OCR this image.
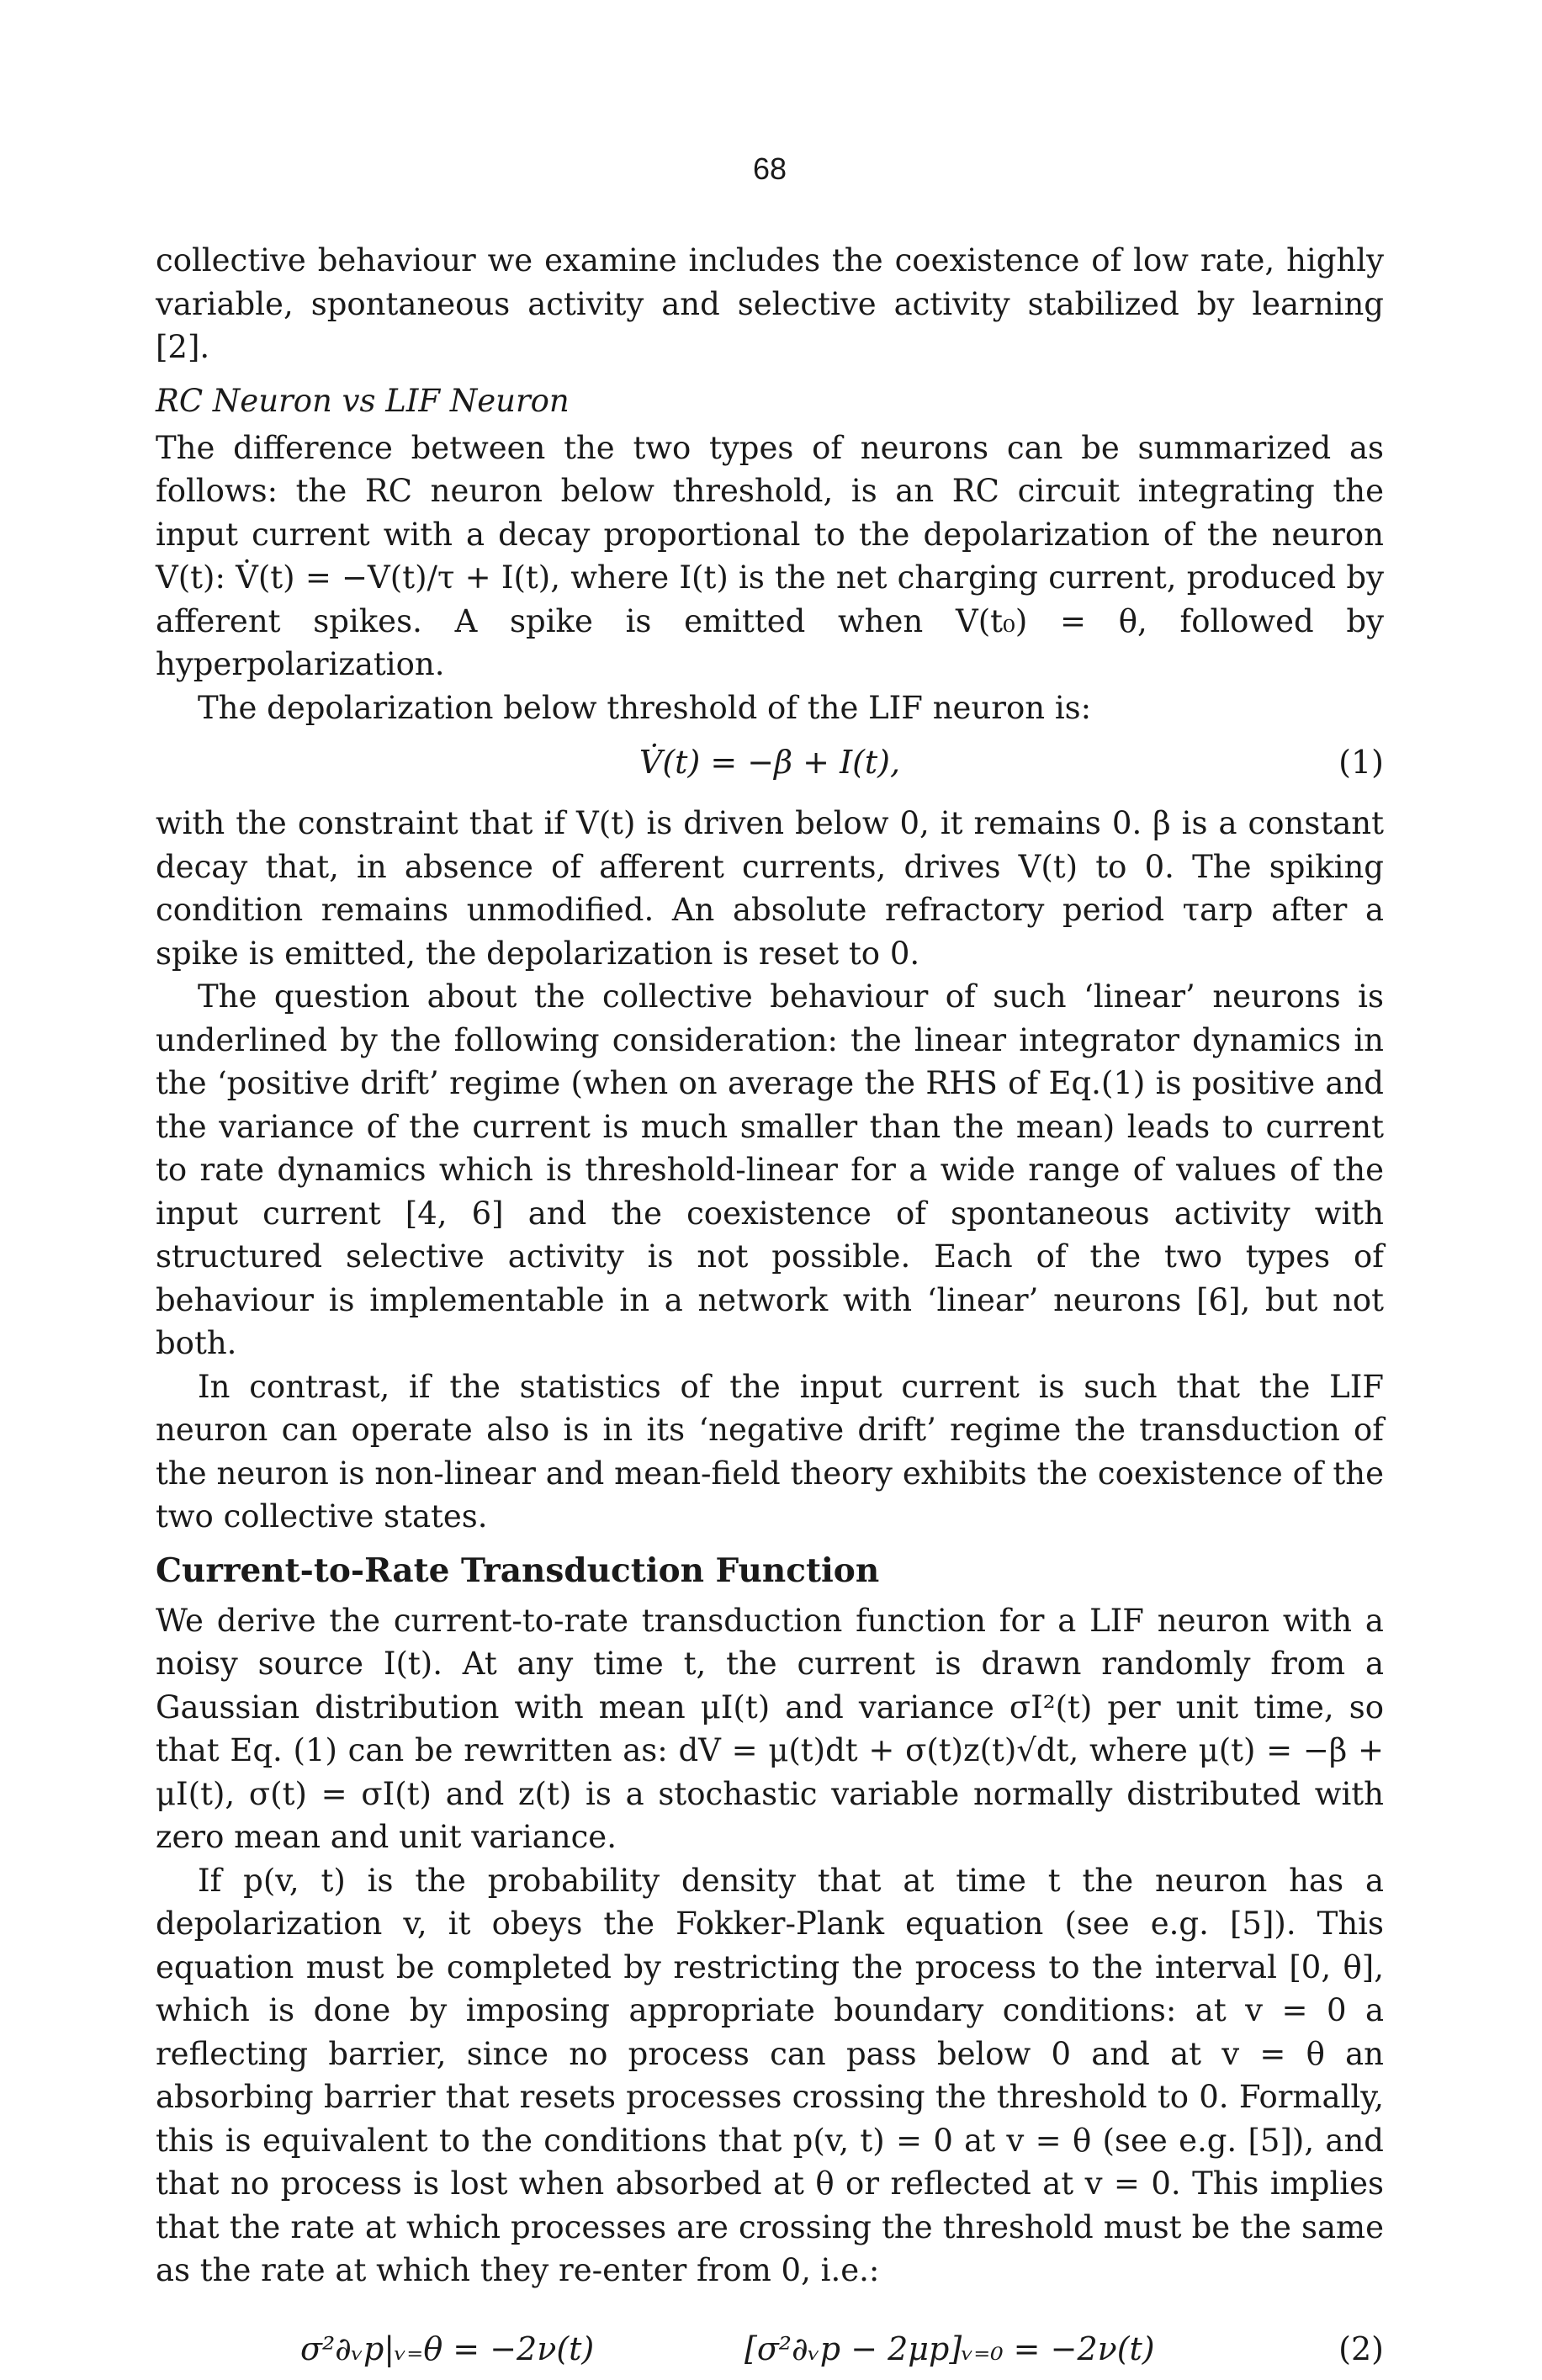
68

collective behaviour we examine includes the coexistence of low rate, highly variable, spontaneous activity and selective activity stabilized by learning [2].

RC Neuron vs LIF Neuron

The difference between the two types of neurons can be summarized as follows: the RC neuron below threshold, is an RC circuit integrating the input current with a decay proportional to the depolarization of the neuron V(t): V̇(t) = −V(t)/τ + I(t), where I(t) is the net charging current, produced by afferent spikes. A spike is emitted when V(t₀) = θ, followed by hyperpolarization.

The depolarization below threshold of the LIF neuron is:

V̇(t) = −β + I(t),	(1)

with the constraint that if V(t) is driven below 0, it remains 0. β is a constant decay that, in absence of afferent currents, drives V(t) to 0. The spiking condition remains unmodified. An absolute refractory period τarp after a spike is emitted, the depolarization is reset to 0.

The question about the collective behaviour of such ‘linear’ neurons is underlined by the following consideration: the linear integrator dynamics in the ‘positive drift’ regime (when on average the RHS of Eq.(1) is positive and the variance of the current is much smaller than the mean) leads to current to rate dynamics which is threshold-linear for a wide range of values of the input current [4, 6] and the coexistence of spontaneous activity with structured selective activity is not possible. Each of the two types of behaviour is implementable in a network with ‘linear’ neurons [6], but not both.

In contrast, if the statistics of the input current is such that the LIF neuron can operate also is in its ‘negative drift’ regime the transduction of the neuron is non-linear and mean-field theory exhibits the coexistence of the two collective states.

Current-to-Rate Transduction Function

We derive the current-to-rate transduction function for a LIF neuron with a noisy source I(t). At any time t, the current is drawn randomly from a Gaussian distribution with mean μI(t) and variance σI²(t) per unit time, so that Eq. (1) can be rewritten as: dV = μ(t)dt + σ(t)z(t)√dt, where μ(t) = −β + μI(t), σ(t) = σI(t) and z(t) is a stochastic variable normally distributed with zero mean and unit variance.

If p(v, t) is the probability density that at time t the neuron has a depolarization v, it obeys the Fokker-Plank equation (see e.g. [5]). This equation must be completed by restricting the process to the interval [0, θ], which is done by imposing appropriate boundary conditions: at v = 0 a reflecting barrier, since no process can pass below 0 and at v = θ an absorbing barrier that resets processes crossing the threshold to 0. Formally, this is equivalent to the conditions that p(v, t) = 0 at v = θ (see e.g. [5]), and that no process is lost when absorbed at θ or reflected at v = 0. This implies that the rate at which processes are crossing the threshold must be the same as the rate at which they re-enter from 0, i.e.:

σ²∂ᵥp|ᵥ₌θ = −2ν(t)	[σ²∂ᵥp − 2μp]ᵥ₌₀ = −2ν(t)	(2)
